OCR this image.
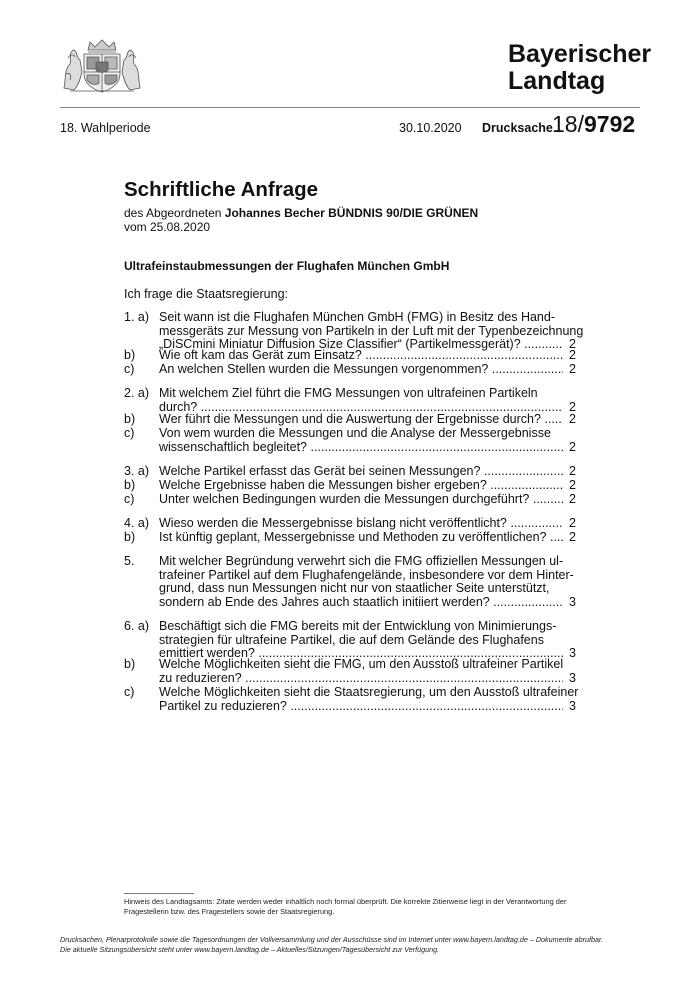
Bayerischer
Landtag
18. Wahlperiode	30.10.2020 Drucksache 18/9792
Schriftliche Anfrage
des Abgeordneten Johannes Becher BÜNDNIS 90/DIE GRÜNEN
vom 25.08.2020
Ultrafeinstaubmessungen der Flughafen München GmbH
Ich frage die Staatsregierung:
1. a) Seit wann ist die Flughafen München GmbH (FMG) in Besitz des Hand-
messgeräts zur Messung von Partikeln in der Luft mit der Typenbezeichnung
„DiSCmini Miniatur Diffusion Size Classifier“ (Partikelmessgerät)? .....	2
b)	Wie oft kam das Gerät zum Einsatz? .....	2
c)	An welchen Stellen wurden die Messungen vorgenommen? .....	2
2. a) Mit welchem Ziel führt die FMG Messungen von ultrafeinen Partikeln
durch? .....	2
b)	Wer führt die Messungen und die Auswertung der Ergebnisse durch? .....	2
c)	Von wem wurden die Messungen und die Analyse der Messergebnisse
wissenschaftlich begleitet? .....	2
3. a) Welche Partikel erfasst das Gerät bei seinen Messungen? .....	2
b)	Welche Ergebnisse haben die Messungen bisher ergeben? .....	2
c)	Unter welchen Bedingungen wurden die Messungen durchgeführt? .....	2
4. a) Wieso werden die Messergebnisse bislang nicht veröffentlicht? .....	2
b)	Ist künftig geplant, Messergebnisse und Methoden zu veröffentlichen? .....	2
5.	Mit welcher Begründung verwehrt sich die FMG offiziellen Messungen ul-
trafeiner Partikel auf dem Flughafengelände, insbesondere vor dem Hinter-
grund, dass nun Messungen nicht nur von staatlicher Seite unterstützt,
sondern ab Ende des Jahres auch staatlich initiiert werden? .....	3
6. a) Beschäftigt sich die FMG bereits mit der Entwicklung von Minimierungs-
strategien für ultrafeine Partikel, die auf dem Gelände des Flughafens
emittiert werden? .....	3
b)	Welche Möglichkeiten sieht die FMG, um den Ausstoß ultrafeiner Partikel
zu reduzieren? .....	3
c)	Welche Möglichkeiten sieht die Staatsregierung, um den Ausstoß ultrafeiner
Partikel zu reduzieren? .....	3
Hinweis des Landtagsamts: Zitate werden weder inhaltlich noch formal überprüft. Die korrekte Zitierweise liegt in der Verantwortung der
Fragestellerin bzw. des Fragestellers sowie der Staatsregierung.
Drucksachen, Plenarprotokolle sowie die Tagesordnungen der Vollversammlung und der Ausschüsse sind im Internet unter www.bayern.landtag.de – Dokumente abrufbar.
Die aktuelle Sitzungsübersicht steht unter www.bayern.landtag.de – Aktuelles/Sitzungen/Tagesübersicht zur Verfügung.
